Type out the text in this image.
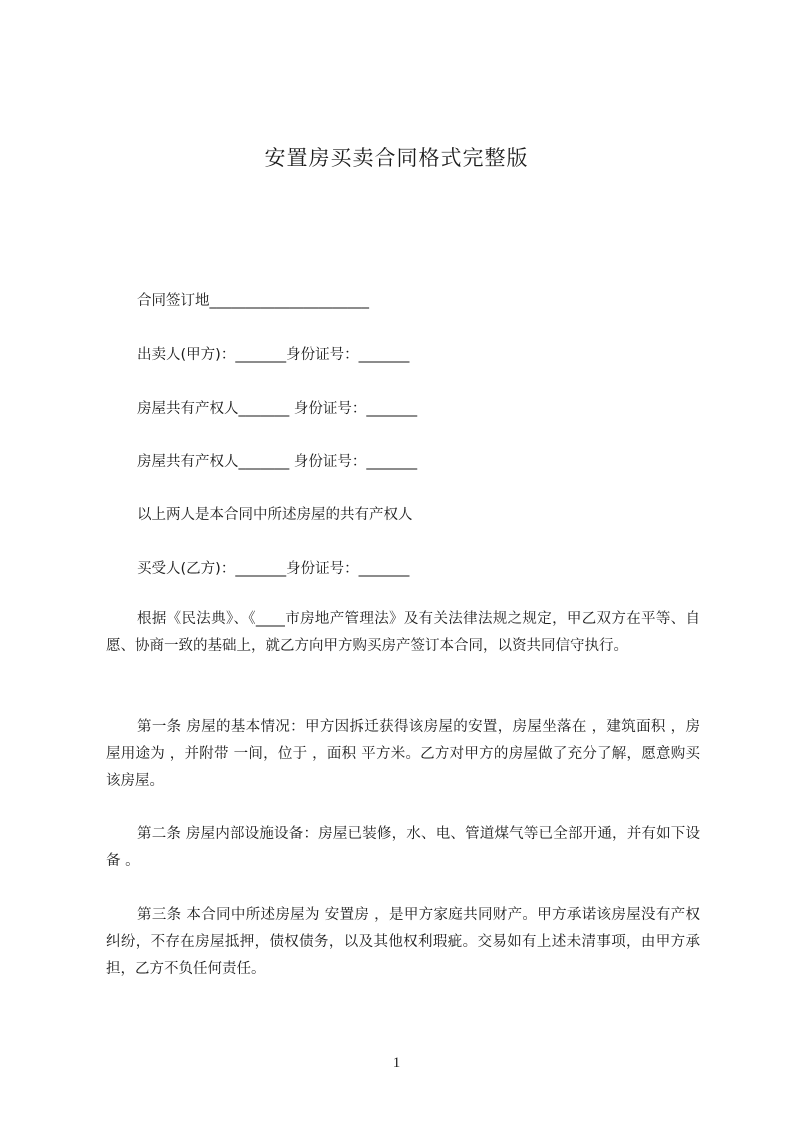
安置房买卖合同格式完整版
合同签订地______________________
出卖人(甲方)：_______身份证号：_______
房屋共有产权人_______ 身份证号：_______
房屋共有产权人_______ 身份证号：_______
以上两人是本合同中所述房屋的共有产权人
买受人(乙方)：_______身份证号：_______

根据《民法典》、《____市房地产管理法》及有关法律法规之规定，甲乙双方在平等、自愿、协商一致的基础上，就乙方向甲方购买房产签订本合同，以资共同信守执行。

第一条 房屋的基本情况：甲方因拆迁获得该房屋的安置，房屋坐落在 ，建筑面积 ，房屋用途为 ，并附带 一间，位于 ，面积 平方米。乙方对甲方的房屋做了充分了解，愿意购买该房屋。

第二条 房屋内部设施设备：房屋已装修，水、电、管道煤气等已全部开通，并有如下设备 。

第三条 本合同中所述房屋为 安置房 ，是甲方家庭共同财产。甲方承诺该房屋没有产权纠纷，不存在房屋抵押，债权债务，以及其他权利瑕疵。交易如有上述未清事项，由甲方承担，乙方不负任何责任。

1
